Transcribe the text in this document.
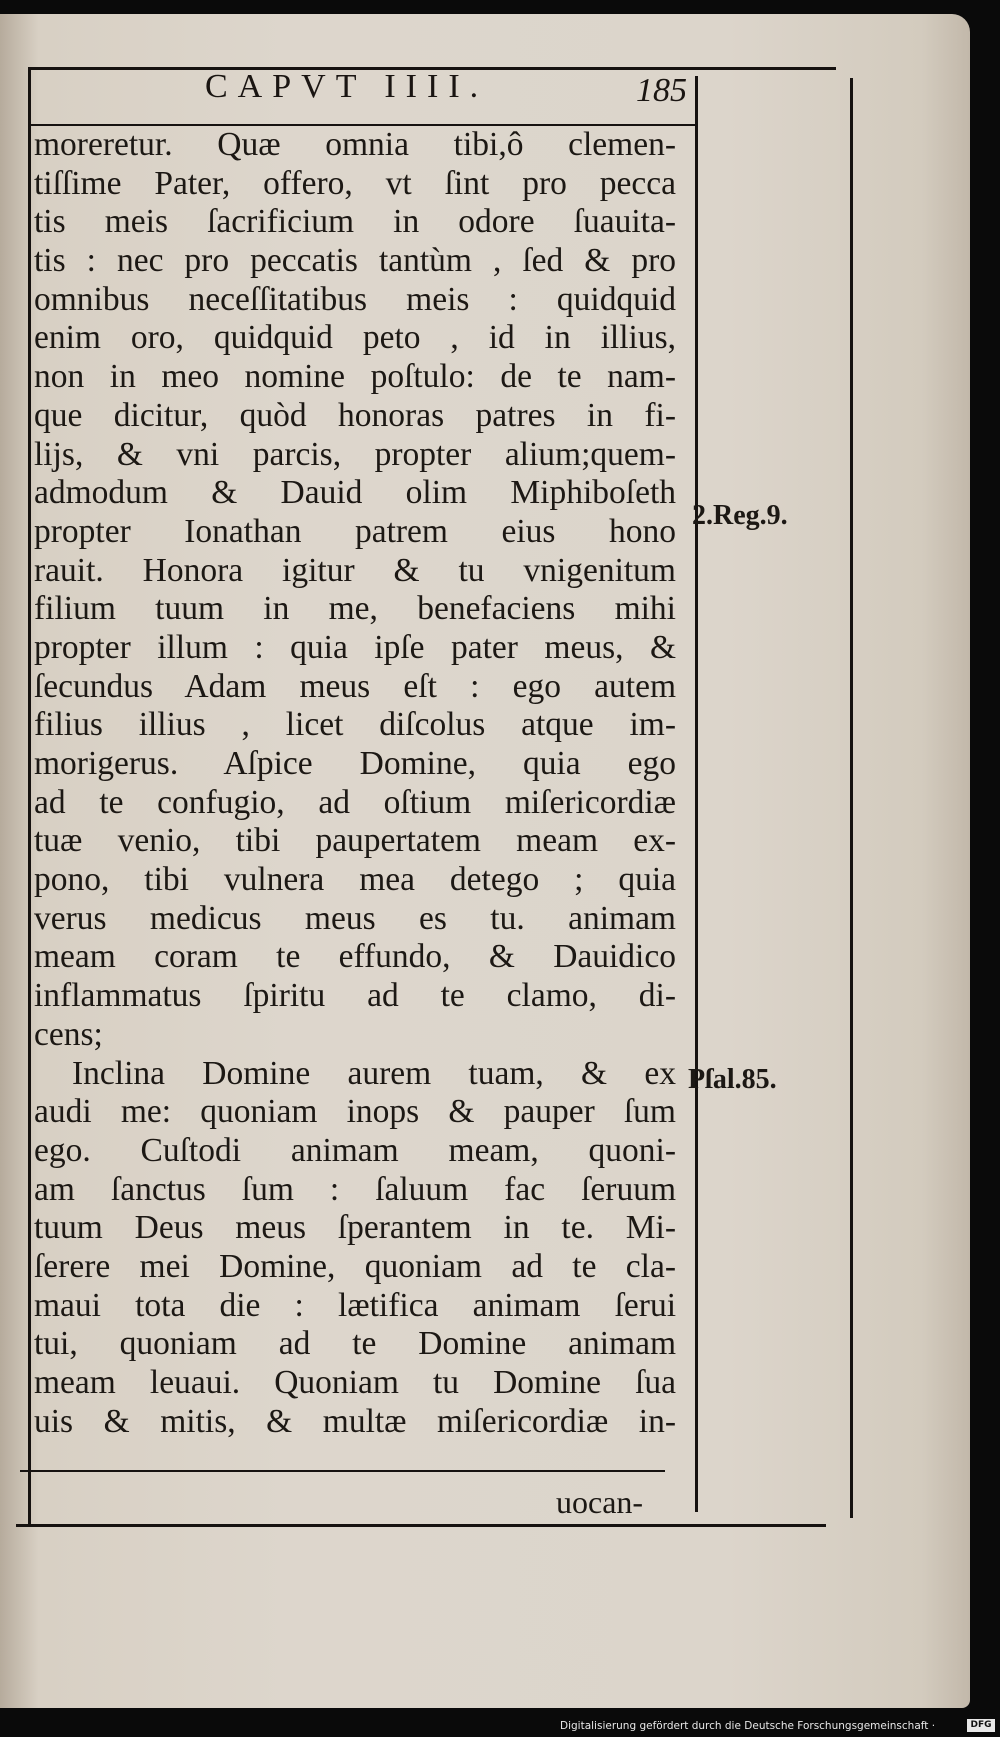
CAPVT IIII.	185
moreretur. Quæ omnia tibi,ô clemen-
tiſſime Pater, offero, vt ſint pro pecca
tis meis ſacrificium in odore ſuauita-
tis : nec pro peccatis tantùm , ſed & pro
omnibus neceſſitatibus meis : quidquid
enim oro, quidquid peto , id in illius,
non in meo nomine poſtulo: de te nam-
que dicitur, quòd honoras patres in fi-
lijs, & vni parcis, propter alium;quem-
admodum & Dauid olim Miphiboſeth
propter Ionathan patrem eius hono
rauit. Honora igitur & tu vnigenitum
filium tuum in me, benefaciens mihi
propter illum : quia ipſe pater meus, &
ſecundus Adam meus eſt : ego autem
filius illius , licet diſcolus atque im-
morigerus. Aſpice Domine, quia ego
ad te confugio, ad oſtium miſericordiæ
tuæ venio, tibi paupertatem meam ex-
pono, tibi vulnera mea detego ; quia
verus medicus meus es tu. animam
meam coram te effundo, & Dauidico
inflammatus ſpiritu ad te clamo, di-
cens;
Inclina Domine aurem tuam, & ex
audi me: quoniam inops & pauper ſum
ego. Cuſtodi animam meam, quoni-
am ſanctus ſum : ſaluum fac ſeruum
tuum Deus meus ſperantem in te. Mi-
ſerere mei Domine, quoniam ad te cla-
maui tota die : lætifica animam ſerui
tui, quoniam ad te Domine animam
meam leuaui. Quoniam tu Domine ſua
uis & mitis, & multæ miſericordiæ in-
2.Reg.9.
Pſal.85.
uocan-
Digitalisierung gefördert durch die Deutsche Forschungsgemeinschaft ·	DFG
